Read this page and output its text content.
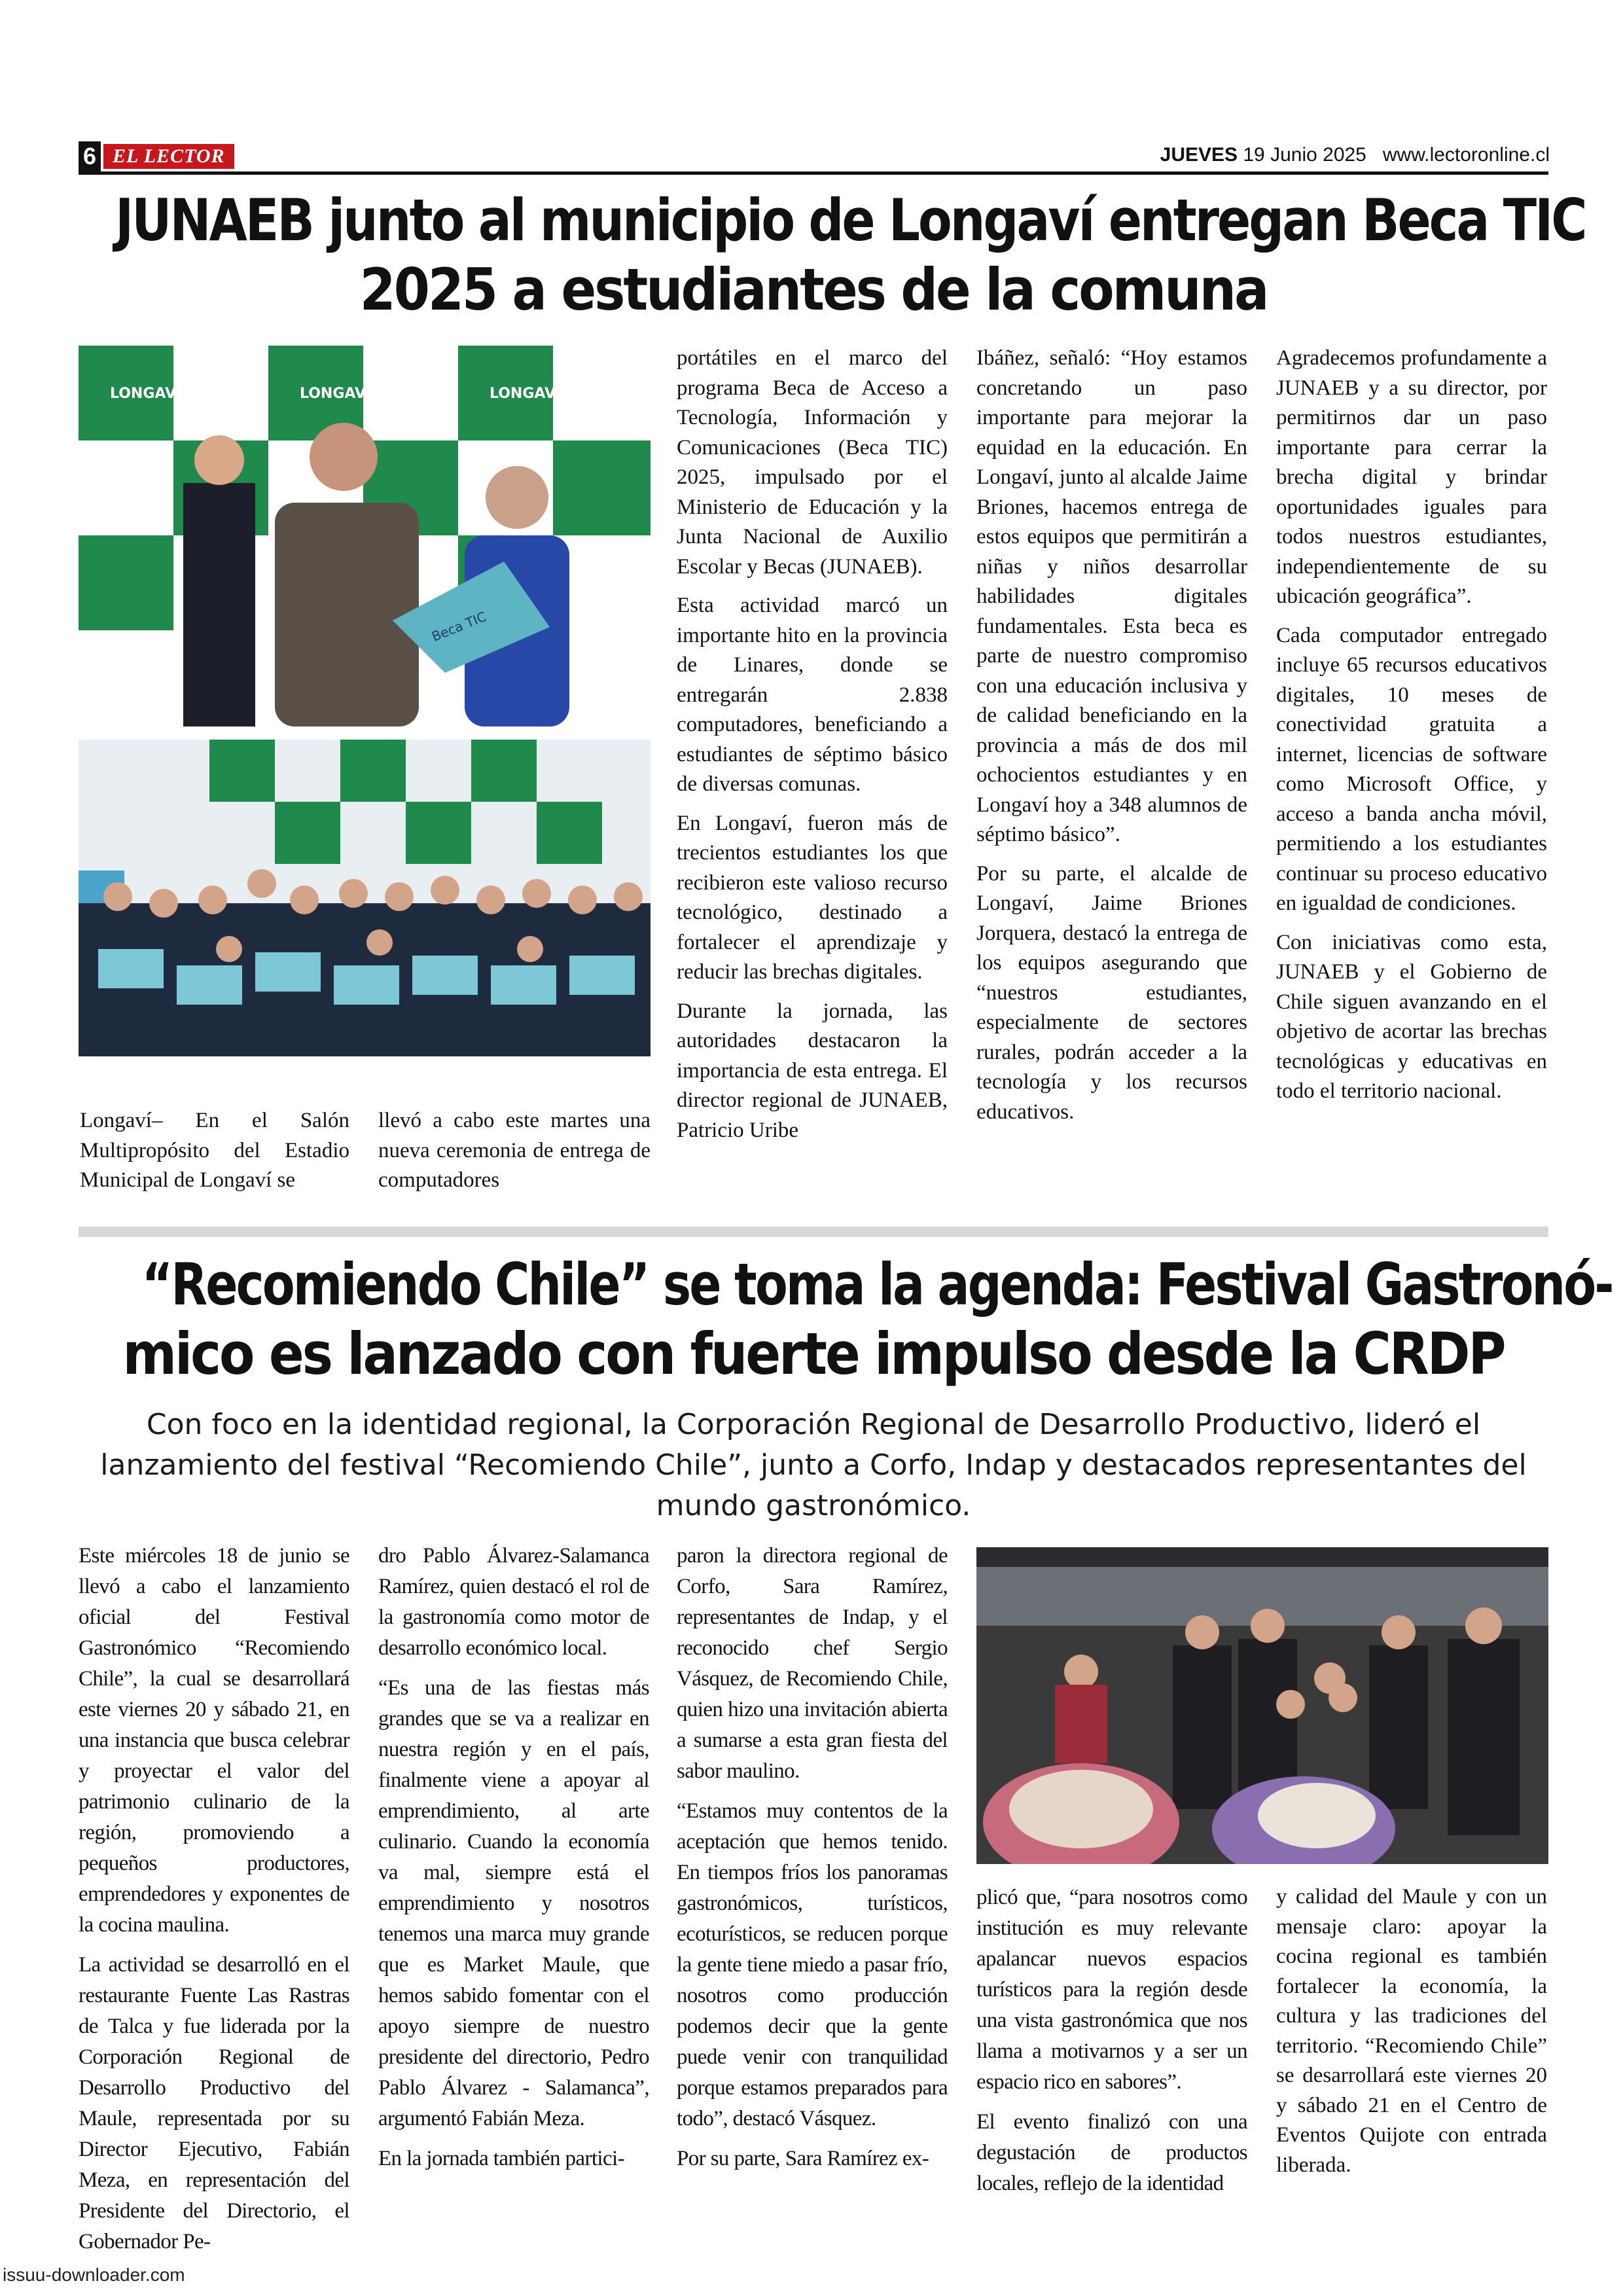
6 EL LECTOR	JUEVES 19 Junio 2025 www.lectoronline.cl
JUNAEB junto al municipio de Longaví entregan Beca TIC
2025 a estudiantes de la comuna
LONGAVÍ	LONGAVÍ	LONGAVÍ
Beca TIC

Longaví– En el Salón Multipropósito del Estadio Municipal de Longaví se

llevó a cabo este martes una nueva ceremonia de entrega de computadores

portátiles en el marco del programa Beca de Acceso a Tecnología, Información y Comunicaciones (Beca TIC) 2025, impulsado por el Ministerio de Educación y la Junta Nacional de Auxilio Escolar y Becas (JUNAEB).

Esta actividad marcó un importante hito en la provincia de Linares, donde se entregarán 2.838 computadores, beneficiando a estudiantes de séptimo básico de diversas comunas.

En Longaví, fueron más de trecientos estudiantes los que recibieron este valioso recurso tecnológico, destinado a fortalecer el aprendizaje y reducir las brechas digitales.

Durante la jornada, las autoridades destacaron la importancia de esta entrega. El director regional de JUNAEB, Patricio Uribe

Ibáñez, señaló: “Hoy estamos concretando un paso importante para mejorar la equidad en la educación. En Longaví, junto al alcalde Jaime Briones, hacemos entrega de estos equipos que permitirán a niñas y niños desarrollar habilidades digitales fundamentales. Esta beca es parte de nuestro compromiso con una educación inclusiva y de calidad beneficiando en la provincia a más de dos mil ochocientos estudiantes y en Longaví hoy a 348 alumnos de séptimo básico”.

Por su parte, el alcalde de Longaví, Jaime Briones Jorquera, destacó la entrega de los equipos asegurando que “nuestros estudiantes, especialmente de sectores rurales, podrán acceder a la tecnología y los recursos educativos.

Agradecemos profundamente a JUNAEB y a su director, por permitirnos dar un paso importante para cerrar la brecha digital y brindar oportunidades iguales para todos nuestros estudiantes, independientemente de su ubicación geográfica”.

Cada computador entregado incluye 65 recursos educativos digitales, 10 meses de conectividad gratuita a internet, licencias de software como Microsoft Office, y acceso a banda ancha móvil, permitiendo a los estudiantes continuar su proceso educativo en igualdad de condiciones.

Con iniciativas como esta, JUNAEB y el Gobierno de Chile siguen avanzando en el objetivo de acortar las brechas tecnológicas y educativas en todo el territorio nacional.

“Recomiendo Chile” se toma la agenda: Festival Gastronó-
mico es lanzado con fuerte impulso desde la CRDP
Con foco en la identidad regional, la Corporación Regional de Desarrollo Productivo, lideró el lanzamiento del festival “Recomiendo Chile”, junto a Corfo, Indap y destacados representantes del mundo gastronómico.

Este miércoles 18 de junio se llevó a cabo el lanzamiento oficial del Festival Gastronómico “Recomiendo Chile”, la cual se desarrollará este viernes 20 y sábado 21, en una instancia que busca celebrar y proyectar el valor del patrimonio culinario de la región, promoviendo a pequeños productores, emprendedores y exponentes de la cocina maulina.

La actividad se desarrolló en el restaurante Fuente Las Rastras de Talca y fue liderada por la Corporación Regional de Desarrollo Productivo del Maule, representada por su Director Ejecutivo, Fabián Meza, en representación del Presidente del Directorio, el Gobernador Pe-

dro Pablo Álvarez-Salamanca Ramírez, quien destacó el rol de la gastronomía como motor de desarrollo económico local.

“Es una de las fiestas más grandes que se va a realizar en nuestra región y en el país, finalmente viene a apoyar al emprendimiento, al arte culinario. Cuando la economía va mal, siempre está el emprendimiento y nosotros tenemos una marca muy grande que es Market Maule, que hemos sabido fomentar con el apoyo siempre de nuestro presidente del directorio, Pedro Pablo Álvarez - Salamanca”, argumentó Fabián Meza.

En la jornada también partici-

paron la directora regional de Corfo, Sara Ramírez, representantes de Indap, y el reconocido chef Sergio Vásquez, de Recomiendo Chile, quien hizo una invitación abierta a sumarse a esta gran fiesta del sabor maulino.

“Estamos muy contentos de la aceptación que hemos tenido. En tiempos fríos los panoramas gastronómicos, turísticos, ecoturísticos, se reducen porque la gente tiene miedo a pasar frío, nosotros como producción podemos decir que la gente puede venir con tranquilidad porque estamos preparados para todo”, destacó Vásquez.

Por su parte, Sara Ramírez ex-

plicó que, “para nosotros como institución es muy relevante apalancar nuevos espacios turísticos para la región desde una vista gastronómica que nos llama a motivarnos y a ser un espacio rico en sabores”.

El evento finalizó con una degustación de productos locales, reflejo de la identidad

y calidad del Maule y con un mensaje claro: apoyar la cocina regional es también fortalecer la economía, la cultura y las tradiciones del territorio. “Recomiendo Chile” se desarrollará este viernes 20 y sábado 21 en el Centro de Eventos Quijote con entrada liberada.

issuu-downloader.com
